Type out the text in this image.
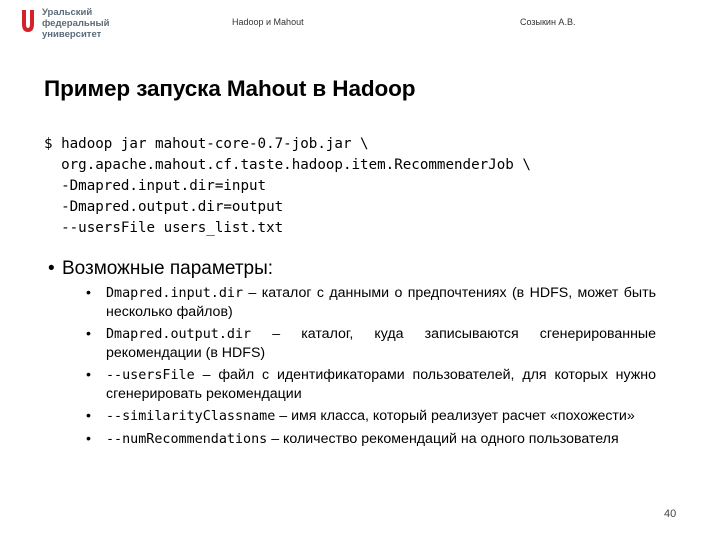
Уральский
федеральный
университет
Hadoop и Mahout	Созыкин А.В.
Пример запуска Mahout в Hadoop
$ hadoop jar mahout-core-0.7-job.jar \
org.apache.mahout.cf.taste.hadoop.item.RecommenderJob \
-Dmapred.input.dir=input
-Dmapred.output.dir=output
--usersFile users_list.txt
• Возможные параметры:
• Dmapred.input.dir – каталог с данными о предпочтениях (в HDFS, может быть несколько файлов)
• Dmapred.output.dir – каталог, куда записываются сгенерированные рекомендации (в HDFS)
• --usersFile – файл с идентификаторами пользователей, для которых нужно сгенерировать рекомендации
• --similarityClassname – имя класса, который реализует расчет «похожести»
• --numRecommendations – количество рекомендаций на одного пользователя
40
